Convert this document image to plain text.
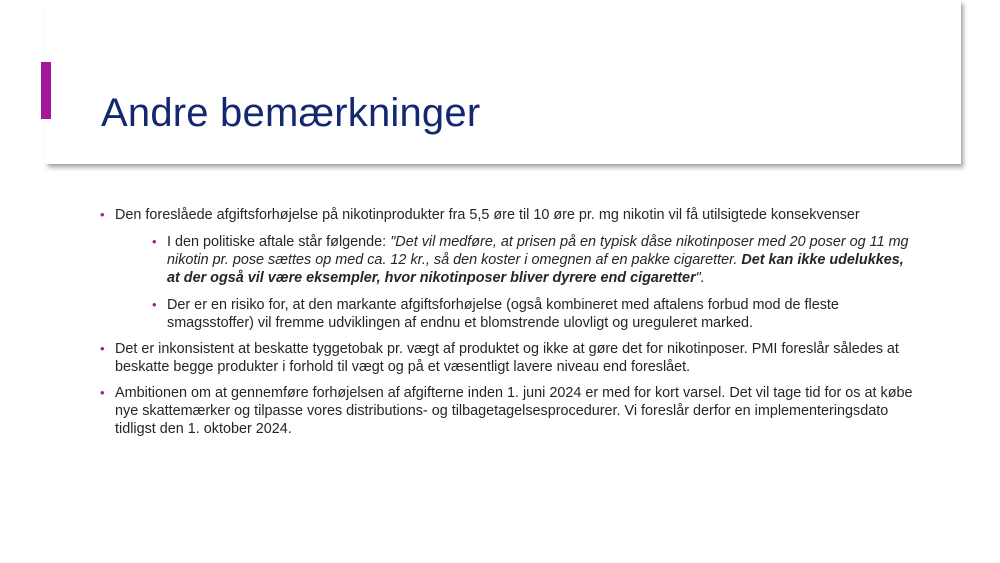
Andre bemærkninger
• Den foreslåede afgiftsforhøjelse på nikotinprodukter fra 5,5 øre til 10 øre pr. mg nikotin vil få utilsigtede konsekvenser
• I den politiske aftale står følgende: "Det vil medføre, at prisen på en typisk dåse nikotinposer med 20 poser og 11 mg nikotin pr. pose sættes op med ca. 12 kr., så den koster i omegnen af en pakke cigaretter. Det kan ikke udelukkes, at der også vil være eksempler, hvor nikotinposer bliver dyrere end cigaretter".
• Der er en risiko for, at den markante afgiftsforhøjelse (også kombineret med aftalens forbud mod de fleste smagsstoffer) vil fremme udviklingen af endnu et blomstrende ulovligt og ureguleret marked.
• Det er inkonsistent at beskatte tyggetobak pr. vægt af produktet og ikke at gøre det for nikotinposer. PMI foreslår således at beskatte begge produkter i forhold til vægt og på et væsentligt lavere niveau end foreslået.
• Ambitionen om at gennemføre forhøjelsen af afgifterne inden 1. juni 2024 er med for kort varsel. Det vil tage tid for os at købe nye skattemærker og tilpasse vores distributions- og tilbagetagelsesprocedurer. Vi foreslår derfor en implementeringsdato tidligst den 1. oktober 2024.
